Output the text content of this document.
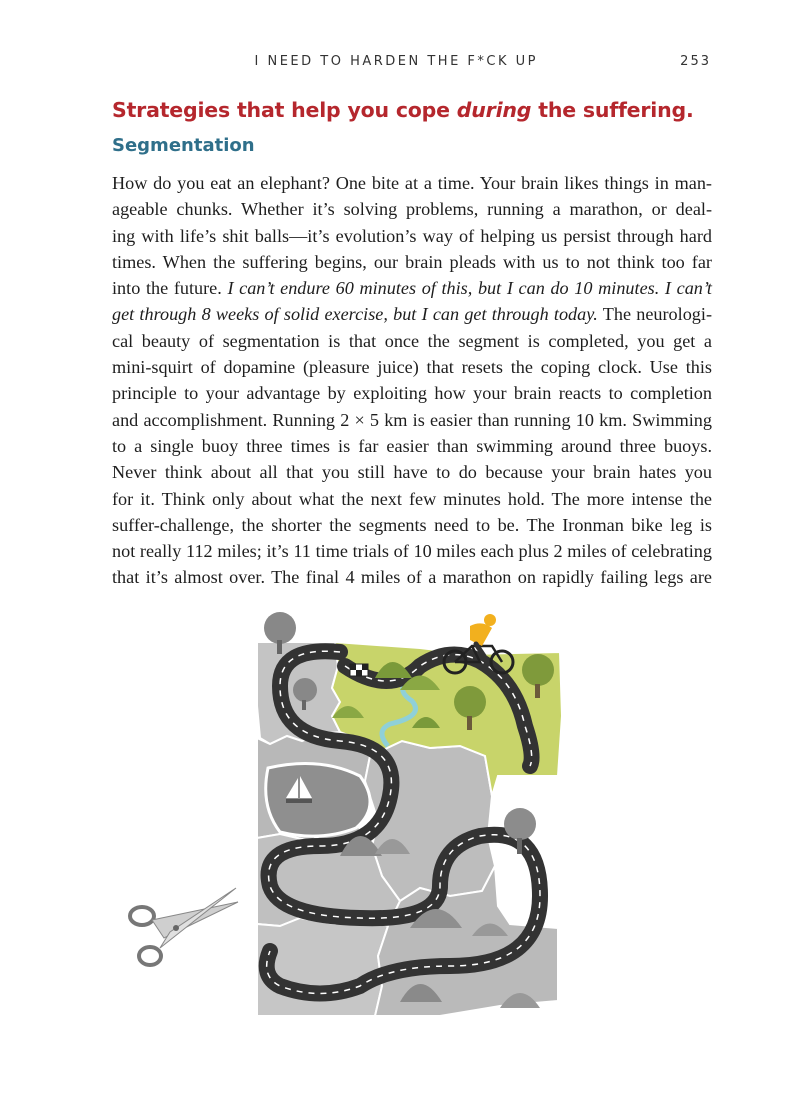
I NEED TO HARDEN THE F*CK UP	253
Strategies that help you cope during the suffering.
Segmentation
How do you eat an elephant? One bite at a time. Your brain likes things in man-
ageable chunks. Whether it’s solving problems, running a marathon, or deal-
ing with life’s shit balls—it’s evolution’s way of helping us persist through hard
times. When the suffering begins, our brain pleads with us to not think too far
into the future. I can’t endure 60 minutes of this, but I can do 10 minutes. I can’t
get through 8 weeks of solid exercise, but I can get through today. The neurologi-
cal beauty of segmentation is that once the segment is completed, you get a
mini-squirt of dopamine (pleasure juice) that resets the coping clock. Use this
principle to your advantage by exploiting how your brain reacts to completion
and accomplishment. Running 2 × 5 km is easier than running 10 km. Swimming
to a single buoy three times is far easier than swimming around three buoys.
Never think about all that you still have to do because your brain hates you
for it. Think only about what the next few minutes hold. The more intense the
suffer-challenge, the shorter the segments need to be. The Ironman bike leg is
not really 112 miles; it’s 11 time trials of 10 miles each plus 2 miles of celebrating
that it’s almost over. The final 4 miles of a marathon on rapidly failing legs are
